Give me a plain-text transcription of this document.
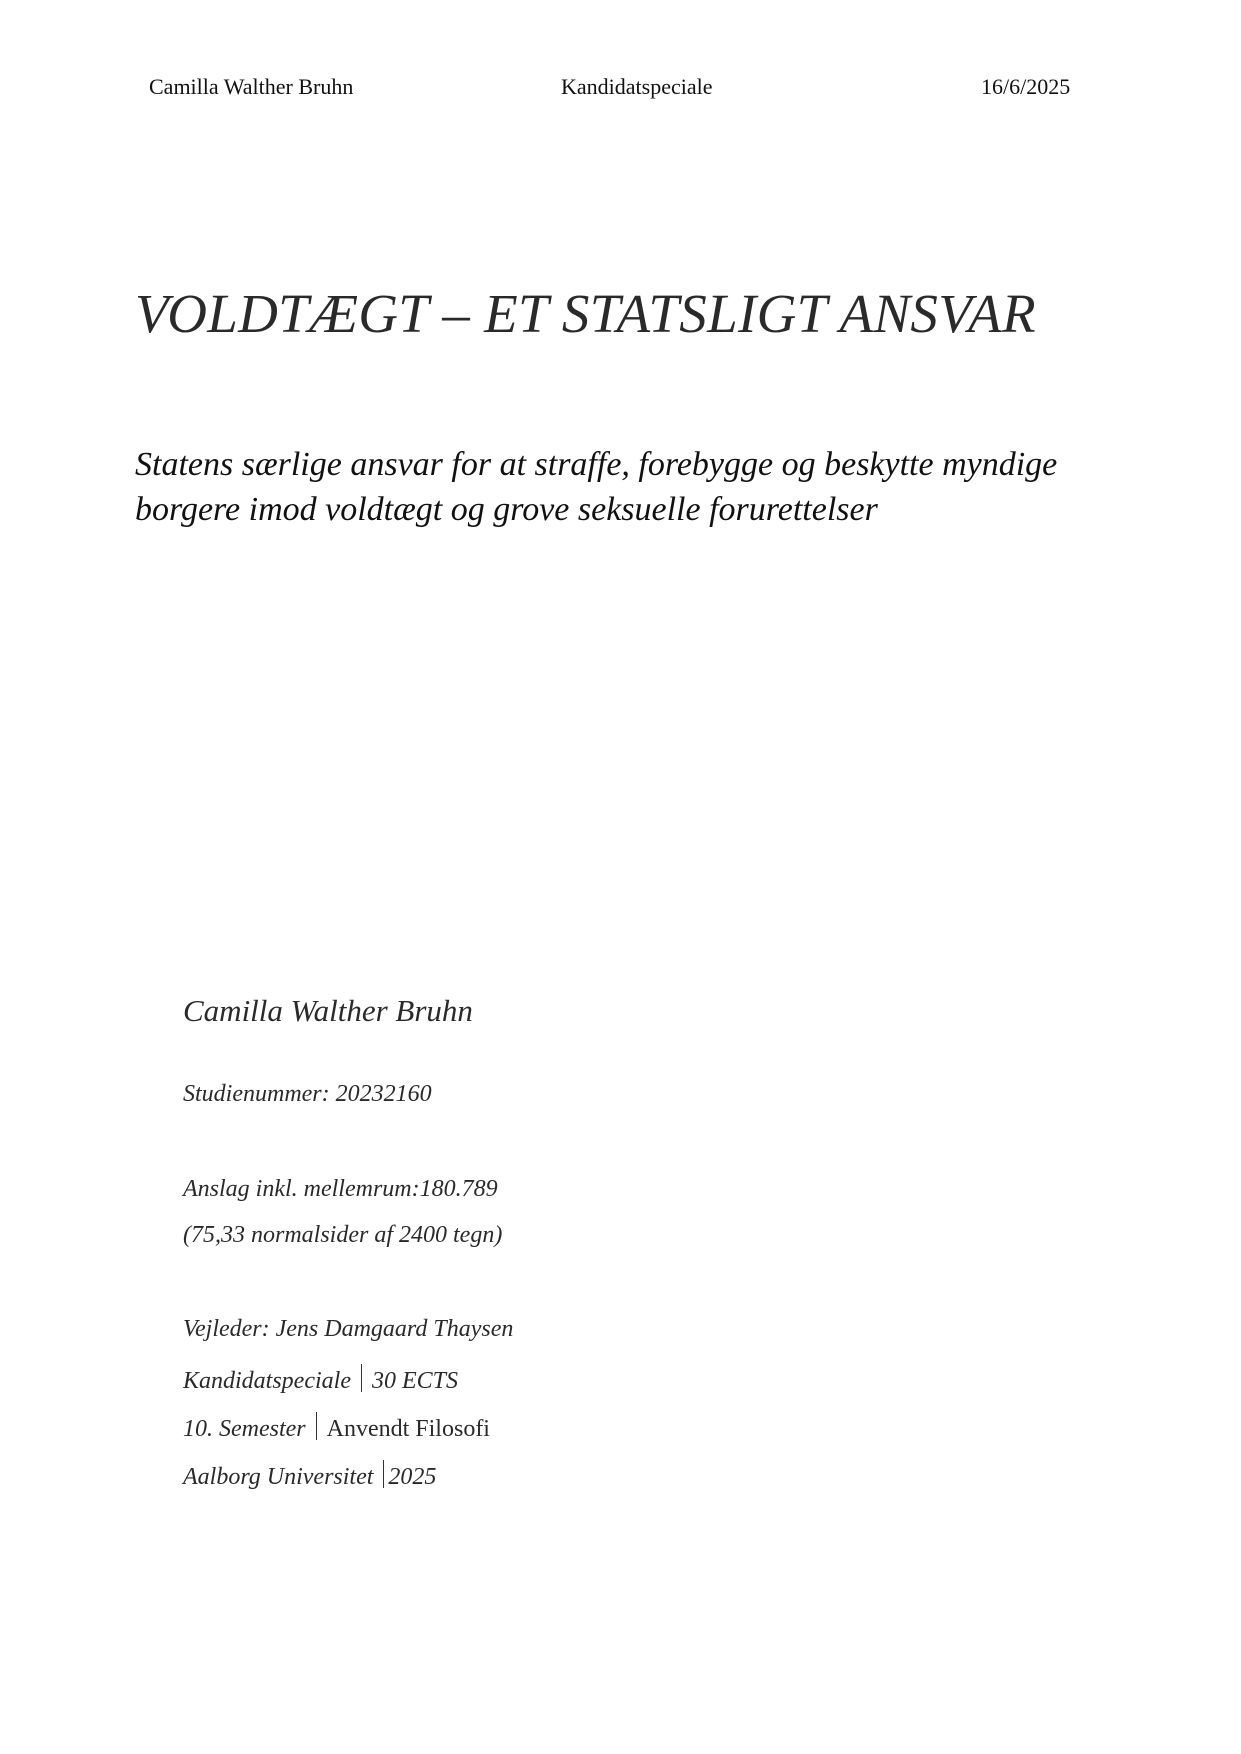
Camilla Walther Bruhn	Kandidatspeciale	16/6/2025
VOLDTÆGT – ET STATSLIGT ANSVAR
Statens særlige ansvar for at straffe, forebygge og beskytte myndige
borgere imod voldtægt og grove seksuelle forurettelser
Camilla Walther Bruhn
Studienummer: 20232160
Anslag inkl. mellemrum:180.789
(75,33 normalsider af 2400 tegn)
Vejleder: Jens Damgaard Thaysen
Kandidatspeciale 30 ECTS
10. Semester Anvendt Filosofi
Aalborg Universitet 2025
